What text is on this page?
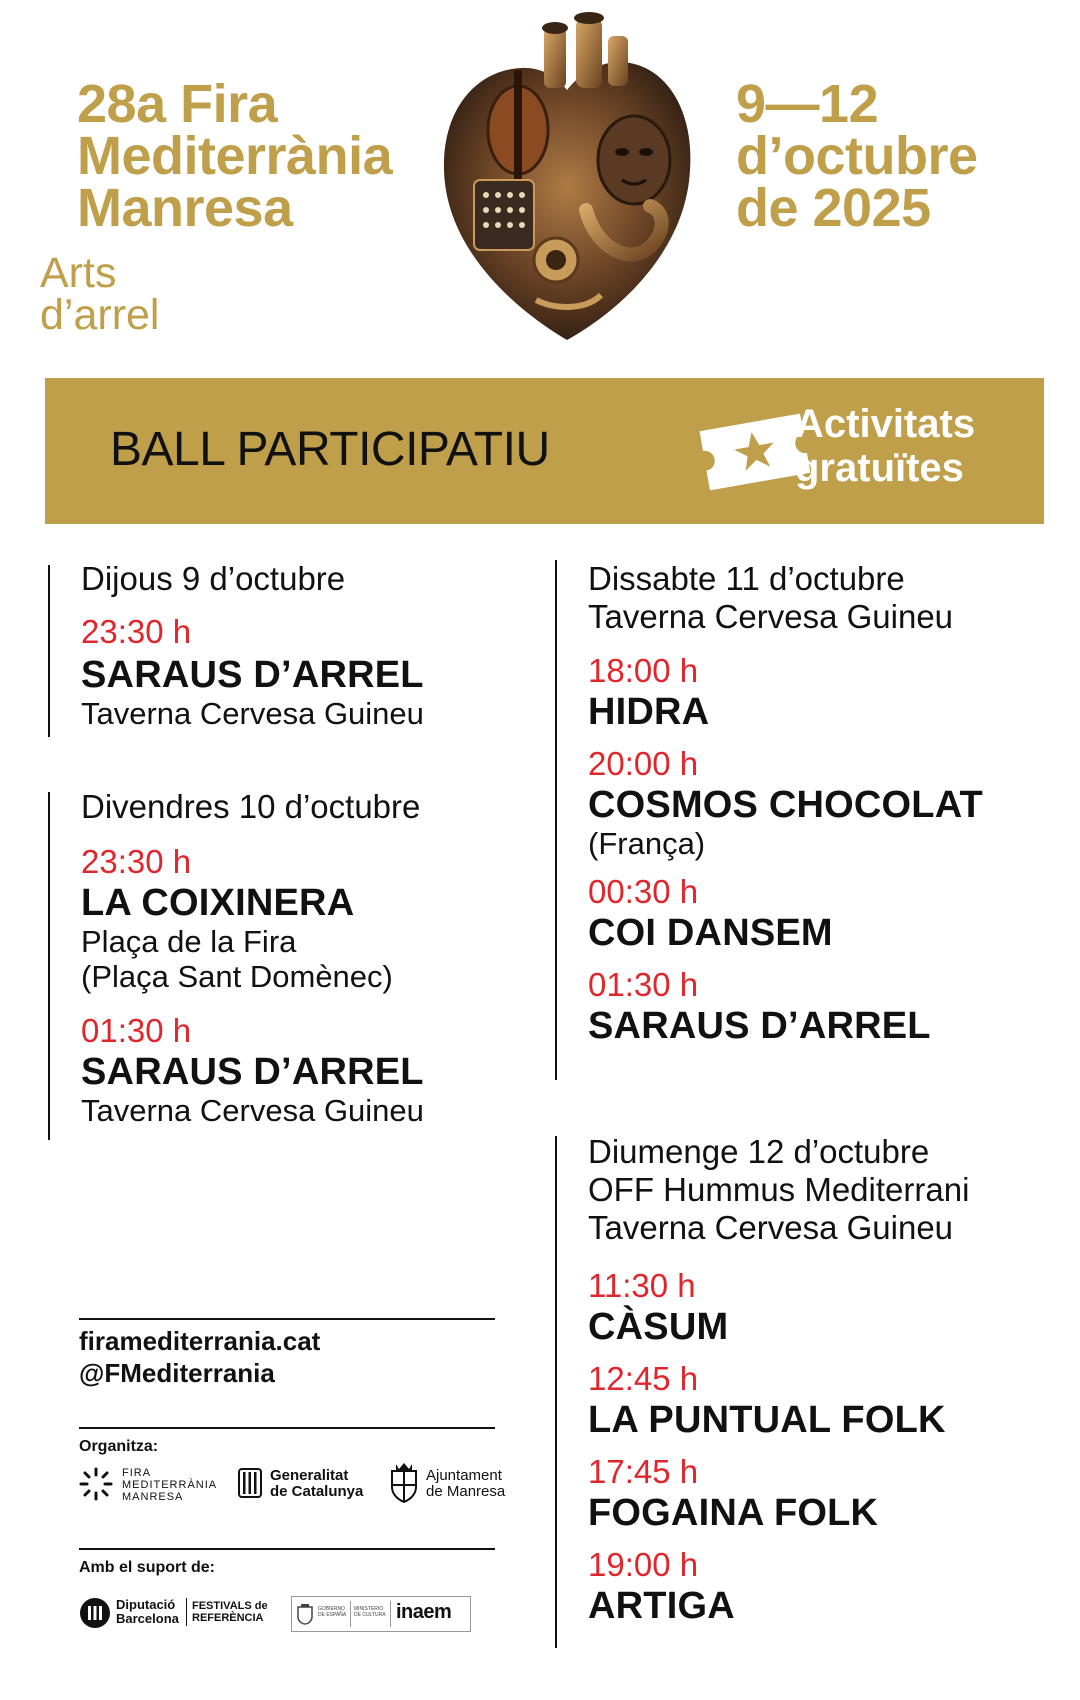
28a Fira
Mediterrània
Manresa
Arts
d’arrel
9—12
d’octubre
de 2025
BALL PARTICIPATIU	Activitats
gratuïtes
Dijous 9 d’octubre
23:30 h
SARAUS D’ARREL
Taverna Cervesa Guineu
Divendres 10 d’octubre
23:30 h
LA COIXINERA
Plaça de la Fira
(Plaça Sant Domènec)
01:30 h
SARAUS D’ARREL
Taverna Cervesa Guineu
Dissabte 11 d’octubre
Taverna Cervesa Guineu
18:00 h
HIDRA
20:00 h
COSMOS CHOCOLAT
(França)
00:30 h
COI DANSEM
01:30 h
SARAUS D’ARREL
Diumenge 12 d’octubre
OFF Hummus Mediterrani
Taverna Cervesa Guineu
11:30 h
CÀSUM
12:45 h
LA PUNTUAL FOLK
17:45 h
FOGAINA FOLK
19:00 h
ARTIGA
firamediterrania.cat
@FMediterrania
Organitza:
FIRA
MEDITERRÀNIA
MANRESA
Generalitat
de Catalunya
Ajuntament
de Manresa
Amb el suport de:
Diputació
Barcelona
FESTIVALS de
REFERÈNCIA
GOBIERNO
DE ESPAÑA
MINISTERIO
DE CULTURA inaem
